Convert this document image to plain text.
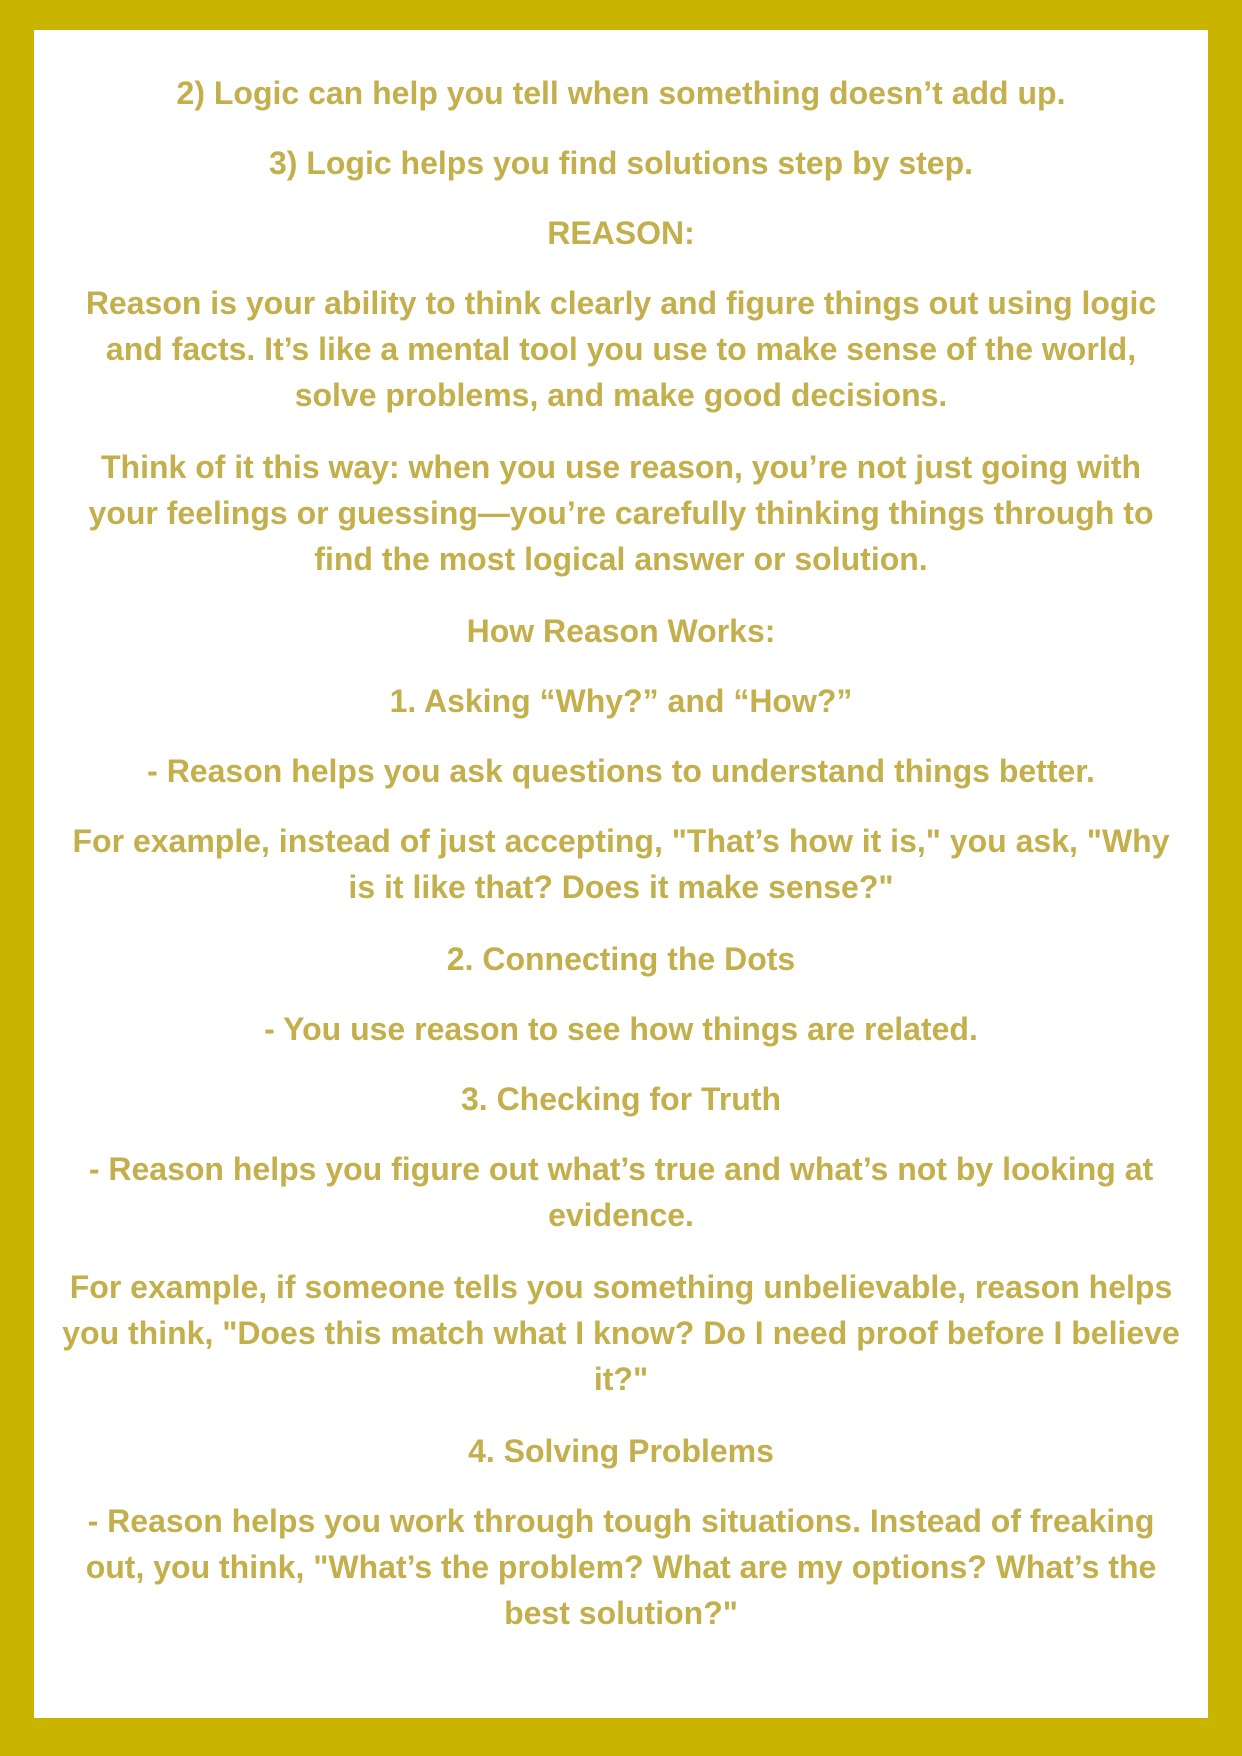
2) Logic can help you tell when something doesn’t add up.

3) Logic helps you find solutions step by step.

REASON:

Reason is your ability to think clearly and figure things out using logic and facts. It’s like a mental tool you use to make sense of the world, solve problems, and make good decisions.

Think of it this way: when you use reason, you’re not just going with your feelings or guessing—you’re carefully thinking things through to find the most logical answer or solution.

How Reason Works:

1. Asking “Why?” and “How?”

- Reason helps you ask questions to understand things better.

For example, instead of just accepting, "That’s how it is," you ask, "Why is it like that? Does it make sense?"

2. Connecting the Dots

- You use reason to see how things are related.

3. Checking for Truth

- Reason helps you figure out what’s true and what’s not by looking at evidence.

For example, if someone tells you something unbelievable, reason helps you think, "Does this match what I know? Do I need proof before I believe it?"

4. Solving Problems

- Reason helps you work through tough situations. Instead of freaking out, you think, "What’s the problem? What are my options? What’s the best solution?"
